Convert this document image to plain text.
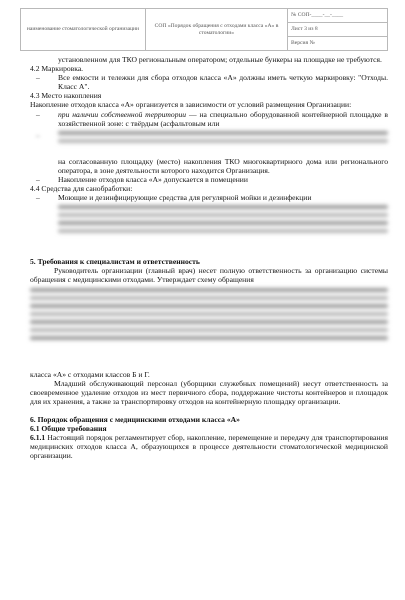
наименование стоматологической организации	СОП «Порядок обращения с отходами класса «А» в стоматологии»	№ СОП-____-__-____
Лист 3 из 8
Версия №
установленном для ТКО региональным оператором; отдельные бункеры на площадке не требуются.
4.2 Маркировка.
– Все емкости и тележки для сбора отходов класса «А» должны иметь четкую маркировку: "Отходы. Класс А".
4.3 Место накопления
Накопление отходов класса «А» организуется в зависимости от условий размещения Организации:
– при наличии собственной территории — на специально оборудованной контейнерной площадке в хозяйственной зоне: с твёрдым (асфальтовым или
–
на согласованную площадку (место) накопления ТКО многоквартирного дома или регионального оператора, в зоне деятельности которого находится Организация.
– Накопление отходов класса «А» допускается в помещении
4.4 Средства для санобработки:
– Моющие и дезинфицирующие средства для регулярной мойки и дезинфекции
5. Требования к специалистам и ответственность
Руководитель организации (главный врач) несет полную ответственность за организацию системы обращения с медицинскими отходами. Утверждает схему обращения
класса «А» с отходами классов Б и Г.
Младший обслуживающий персонал (уборщики служебных помещений) несут ответственность за своевременное удаление отходов из мест первичного сбора, поддержание чистоты контейнеров и площадок для их хранения, а также за транспортировку отходов на контейнерную площадку организации.
6. Порядок обращения с медицинскими отходами класса «А»
6.1 Общие требования
6.1.1 Настоящий порядок регламентирует сбор, накопление, перемещение и передачу для транспортирования медицинских отходов класса А, образующихся в процессе деятельности стоматологической медицинской организации.
